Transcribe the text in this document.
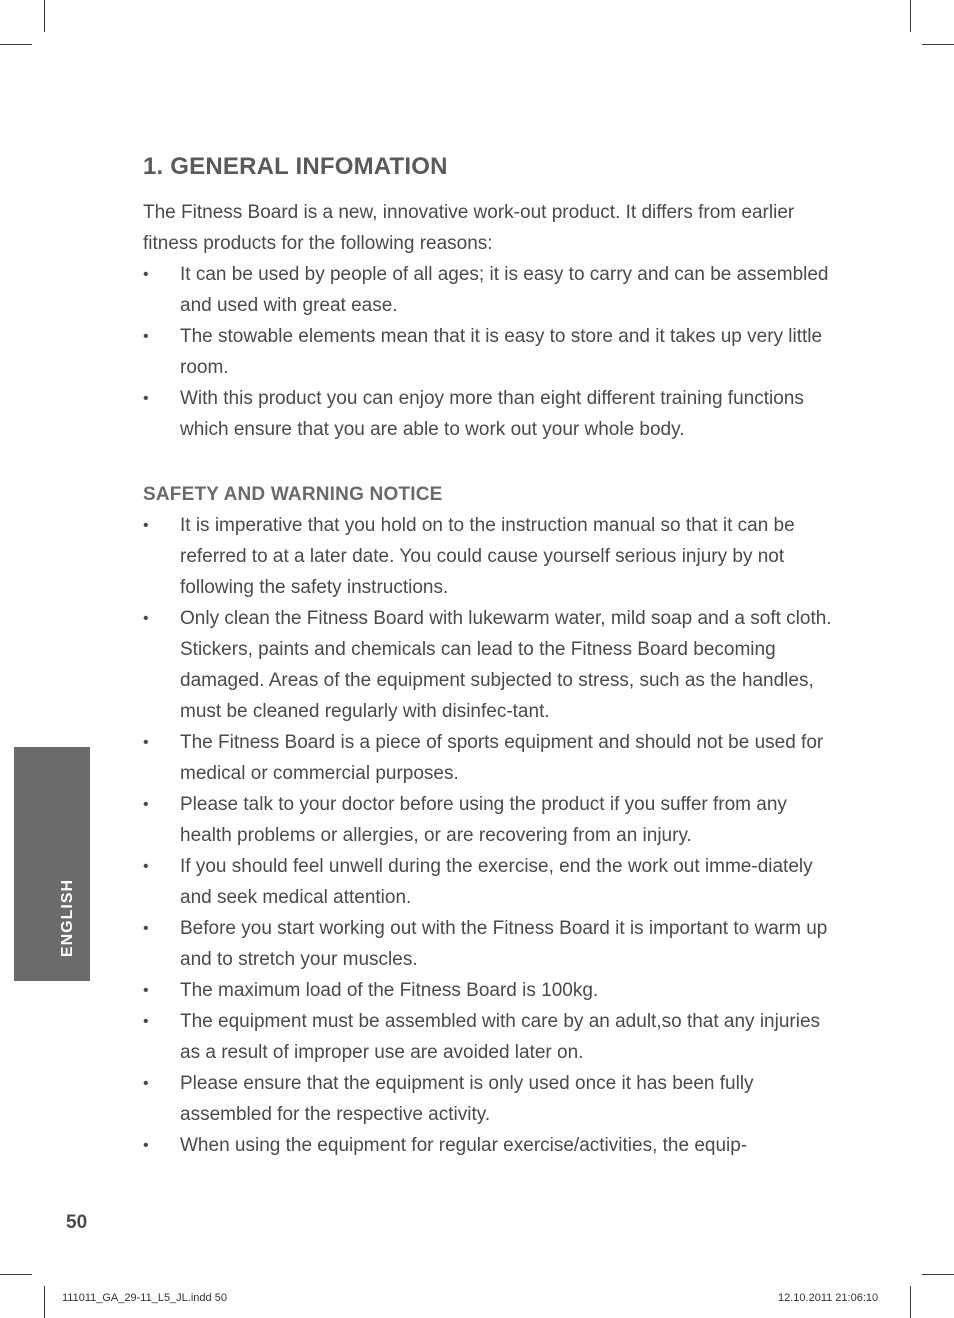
1. GENERAL INFOMATION

The Fitness Board is a new, innovative work-out product. It differs from earlier fitness products for the following reasons:

• It can be used by people of all ages; it is easy to carry and can be assembled and used with great ease.
• The stowable elements mean that it is easy to store and it takes up very little room.
• With this product you can enjoy more than eight different training functions which ensure that you are able to work out your whole body.
SAFETY AND WARNING NOTICE
• It is imperative that you hold on to the instruction manual so that it can be referred to at a later date. You could cause yourself serious injury by not following the safety instructions.
• Only clean the Fitness Board with lukewarm water, mild soap and a soft cloth. Stickers, paints and chemicals can lead to the Fitness Board becoming damaged. Areas of the equipment subjected to stress, such as the handles, must be cleaned regularly with disinfec-tant.
• The Fitness Board is a piece of sports equipment and should not be used for medical or commercial purposes.
• Please talk to your doctor before using the product if you suffer from any health problems or allergies, or are recovering from an injury.
• If you should feel unwell during the exercise, end the work out imme-diately and seek medical attention.
• Before you start working out with the Fitness Board it is important to warm up and to stretch your muscles.
• The maximum load of the Fitness Board is 100kg.
• The equipment must be assembled with care by an adult,so that any injuries as a result of improper use are avoided later on.
• Please ensure that the equipment is only used once it has been fully assembled for the respective activity.
• When using the equipment for regular exercise/activities, the equip-
ENGLISH
50
111011_GA_29-11_L5_JL.indd 50	12.10.2011 21:06:10
